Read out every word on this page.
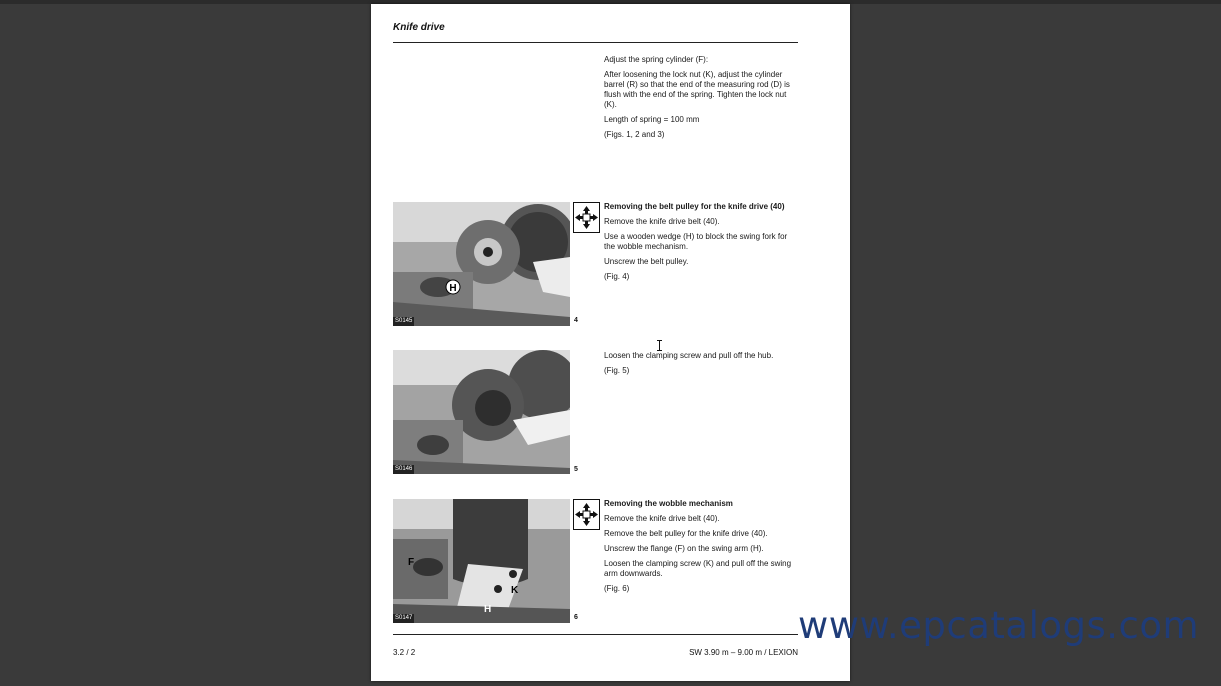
Knife drive

Adjust the spring cylinder (F):

After loosening the lock nut (K), adjust the cylinder barrel (R) so that the end of the measuring rod (D) is flush with the end of the spring. Tighten the lock nut (K).

Length of spring = 100 mm

(Figs. 1, 2 and 3)

H
S0145	4

Removing the belt pulley for the knife drive (40)

Remove the knife drive belt (40).

Use a wooden wedge (H) to block the swing fork for the wobble mechanism.

Unscrew the belt pulley.

(Fig. 4)

S0146	5

Loosen the clamping screw and pull off the hub.

(Fig. 5)

F
K
H
S0147	6

Removing the wobble mechanism

Remove the knife drive belt (40).

Remove the belt pulley for the knife drive (40).

Unscrew the flange (F) on the swing arm (H).

Loosen the clamping screw (K) and pull off the swing arm downwards.

(Fig. 6)

3.2 / 2	SW 3.90 m – 9.00 m / LEXION
www.epcatalogs.com
